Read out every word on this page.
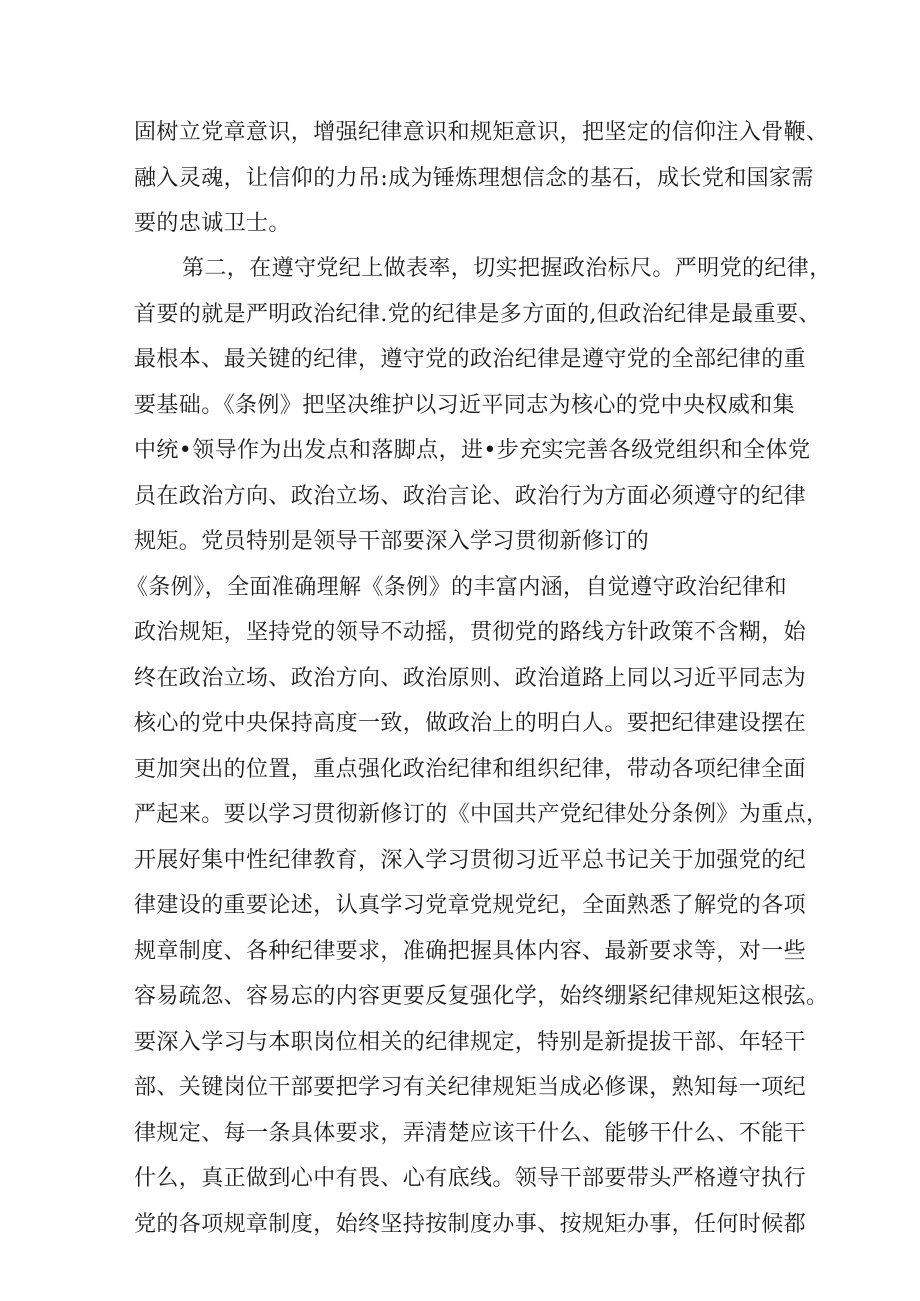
固树立党章意识，增强纪律意识和规矩意识，把坚定的信仰注入骨鞭、
融入灵魂，让信仰的力吊:成为锤炼理想信念的基石，成长党和国家需
要的忠诚卫士。
第二，在遵守党纪上做表率，切实把握政治标尺。严明党的纪律，
首要的就是严明政治纪律.党的纪律是多方面的,但政治纪律是最重要、
最根本、最关键的纪律，遵守党的政治纪律是遵守党的全部纪律的重
要基础。《条例》把坚决维护以习近平同志为核心的党中央权威和集
中统•领导作为出发点和落脚点，进•步充实完善各级党组织和全体党
员在政治方向、政治立场、政治言论、政治行为方面必须遵守的纪律
规矩。党员特别是领导干部要深入学习贯彻新修订的
《条例》，全面准确理解《条例》的丰富内涵，自觉遵守政治纪律和
政治规矩，坚持党的领导不动摇，贯彻党的路线方针政策不含糊，始
终在政治立场、政治方向、政治原则、政治道路上同以习近平同志为
核心的党中央保持高度一致，做政治上的明白人。要把纪律建设摆在
更加突出的位置，重点强化政治纪律和组织纪律，带动各项纪律全面
严起来。要以学习贯彻新修订的《中国共产党纪律处分条例》为重点，
开展好集中性纪律教育，深入学习贯彻习近平总书记关于加强党的纪
律建设的重要论述，认真学习党章党规党纪，全面熟悉了解党的各项
规章制度、各种纪律要求，准确把握具体内容、最新要求等，对一些
容易疏忽、容易忘的内容更要反复强化学，始终绷紧纪律规矩这根弦。
要深入学习与本职岗位相关的纪律规定，特别是新提拔干部、年轻干
部、关键岗位干部要把学习有关纪律规矩当成必修课，熟知每一项纪
律规定、每一条具体要求，弄清楚应该干什么、能够干什么、不能干
什么，真正做到心中有畏、心有底线。领导干部要带头严格遵守执行
党的各项规章制度，始终坚持按制度办事、按规矩办事，任何时候都
